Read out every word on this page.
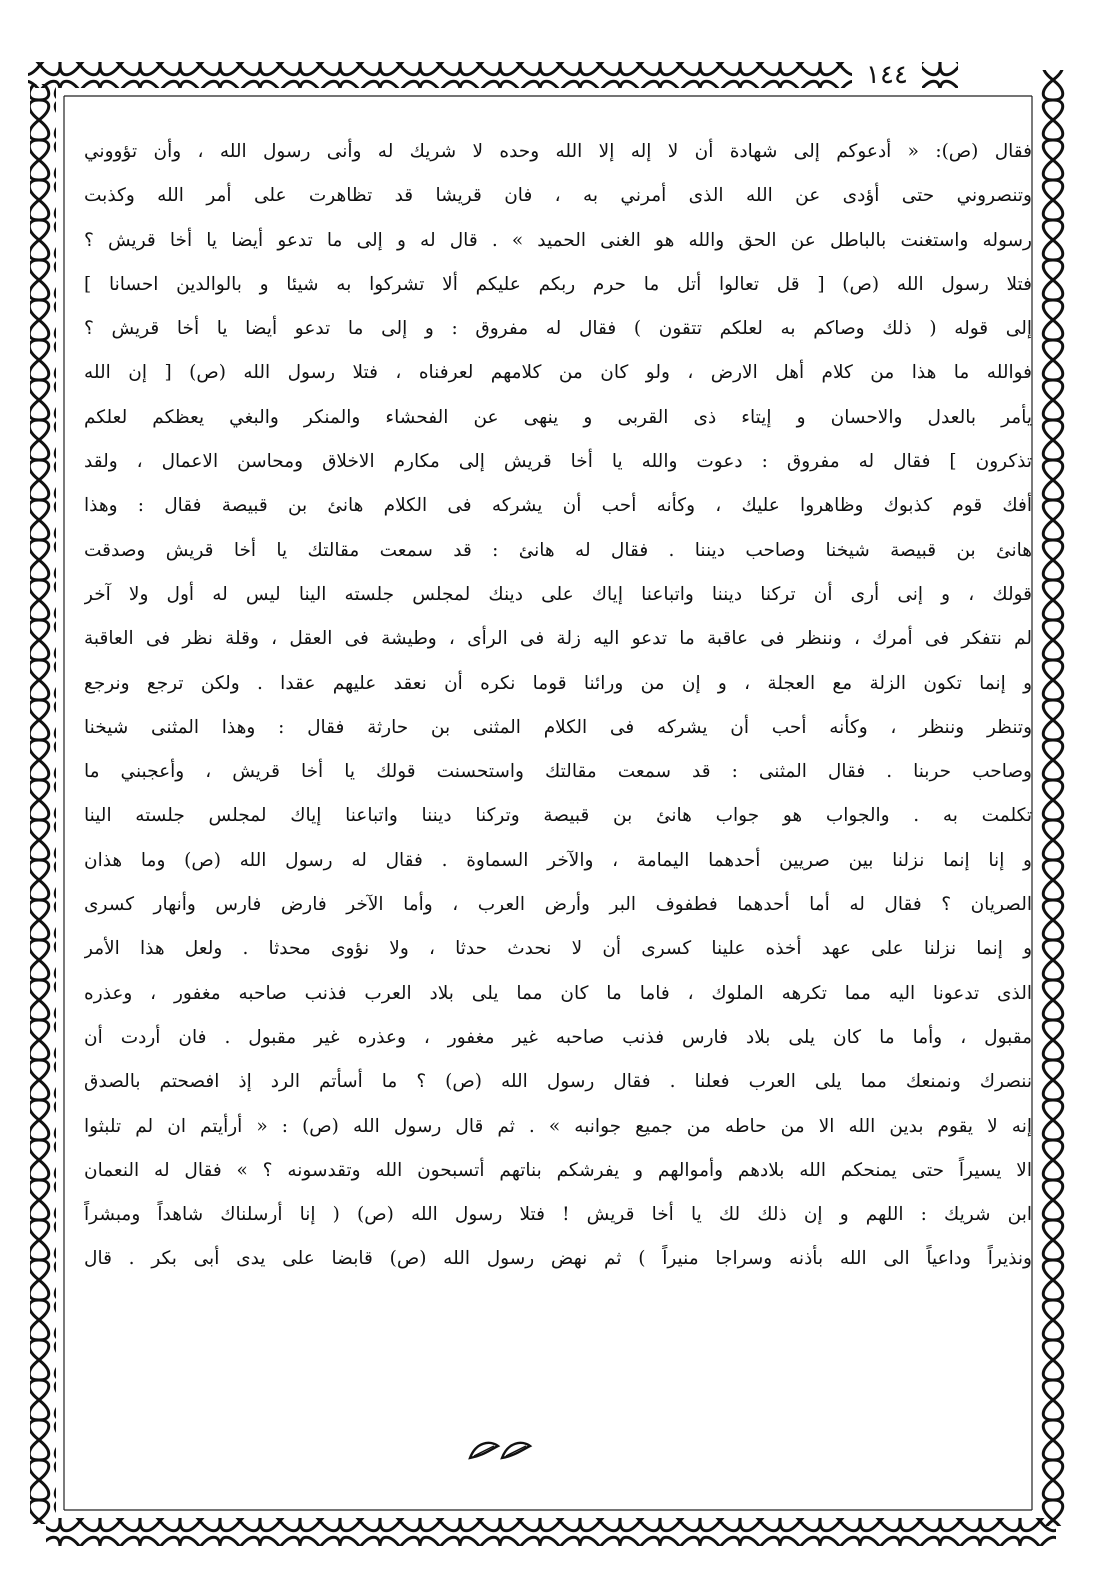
١٤٤
فقال (ص): « أدعوكم إلى شهادة أن لا إله إلا الله وحده لا شريك له وأنى رسول الله ، وأن تؤووني
وتنصروني حتى أؤدى عن الله الذى أمرني به ، فان قريشا قد تظاهرت على أمر الله وكذبت
رسوله واستغنت بالباطل عن الحق والله هو الغنى الحميد » . قال له و إلى ما تدعو أيضا يا أخا قريش ؟
فتلا رسول الله (ص) [ قل تعالوا أتل ما حرم ربكم عليكم ألا تشركوا به شيئا و بالوالدين احسانا ]
إلى قوله ( ذلك وصاكم به لعلكم تتقون ) فقال له مفروق : و إلى ما تدعو أيضا يا أخا قريش ؟
فوالله ما هذا من كلام أهل الارض ، ولو كان من كلامهم لعرفناه ، فتلا رسول الله (ص) [ إن الله
يأمر بالعدل والاحسان و إيتاء ذى القربى و ينهى عن الفحشاء والمنكر والبغي يعظكم لعلكم
تذكرون ] فقال له مفروق : دعوت والله يا أخا قريش إلى مكارم الاخلاق ومحاسن الاعمال ، ولقد
أفك قوم كذبوك وظاهروا عليك ، وكأنه أحب أن يشركه فى الكلام هانئ بن قبيصة فقال : وهذا
هانئ بن قبيصة شيخنا وصاحب ديننا . فقال له هانئ : قد سمعت مقالتك يا أخا قريش وصدقت
قولك ، و إنى أرى أن تركنا ديننا واتباعنا إياك على دينك لمجلس جلسته الينا ليس له أول ولا آخر
لم نتفكر فى أمرك ، وننظر فى عاقبة ما تدعو اليه زلة فى الرأى ، وطيشة فى العقل ، وقلة نظر فى العاقبة
و إنما تكون الزلة مع العجلة ، و إن من ورائنا قوما نكره أن نعقد عليهم عقدا . ولكن ترجع ونرجع
وتنظر وننظر ، وكأنه أحب أن يشركه فى الكلام المثنى بن حارثة فقال : وهذا المثنى شيخنا
وصاحب حربنا . فقال المثنى : قد سمعت مقالتك واستحسنت قولك يا أخا قريش ، وأعجبني ما
تكلمت به . والجواب هو جواب هانئ بن قبيصة وتركنا ديننا واتباعنا إياك لمجلس جلسته الينا
و إنا إنما نزلنا بين صريين أحدهما اليمامة ، والآخر السماوة . فقال له رسول الله (ص) وما هذان
الصريان ؟ فقال له أما أحدهما فطفوف البر وأرض العرب ، وأما الآخر فارض فارس وأنهار كسرى
و إنما نزلنا على عهد أخذه علينا كسرى أن لا نحدث حدثا ، ولا نؤوى محدثا . ولعل هذا الأمر
الذى تدعونا اليه مما تكرهه الملوك ، فاما ما كان مما يلى بلاد العرب فذنب صاحبه مغفور ، وعذره
مقبول ، وأما ما كان يلى بلاد فارس فذنب صاحبه غير مغفور ، وعذره غير مقبول . فان أردت أن
ننصرك ونمنعك مما يلى العرب فعلنا . فقال رسول الله (ص) ؟ ما أسأتم الرد إذ افصحتم بالصدق
إنه لا يقوم بدين الله الا من حاطه من جميع جوانبه » . ثم قال رسول الله (ص) : « أرأيتم ان لم تلبثوا
الا يسيراً حتى يمنحكم الله بلادهم وأموالهم و يفرشكم بناتهم أتسبحون الله وتقدسونه ؟ » فقال له النعمان
ابن شريك : اللهم و إن ذلك لك يا أخا قريش ! فتلا رسول الله (ص) ( إنا أرسلناك شاهداً ومبشراً
ونذيراً وداعياً الى الله بأذنه وسراجا منيراً ) ثم نهض رسول الله (ص) قابضا على يدى أبى بكر . قال
